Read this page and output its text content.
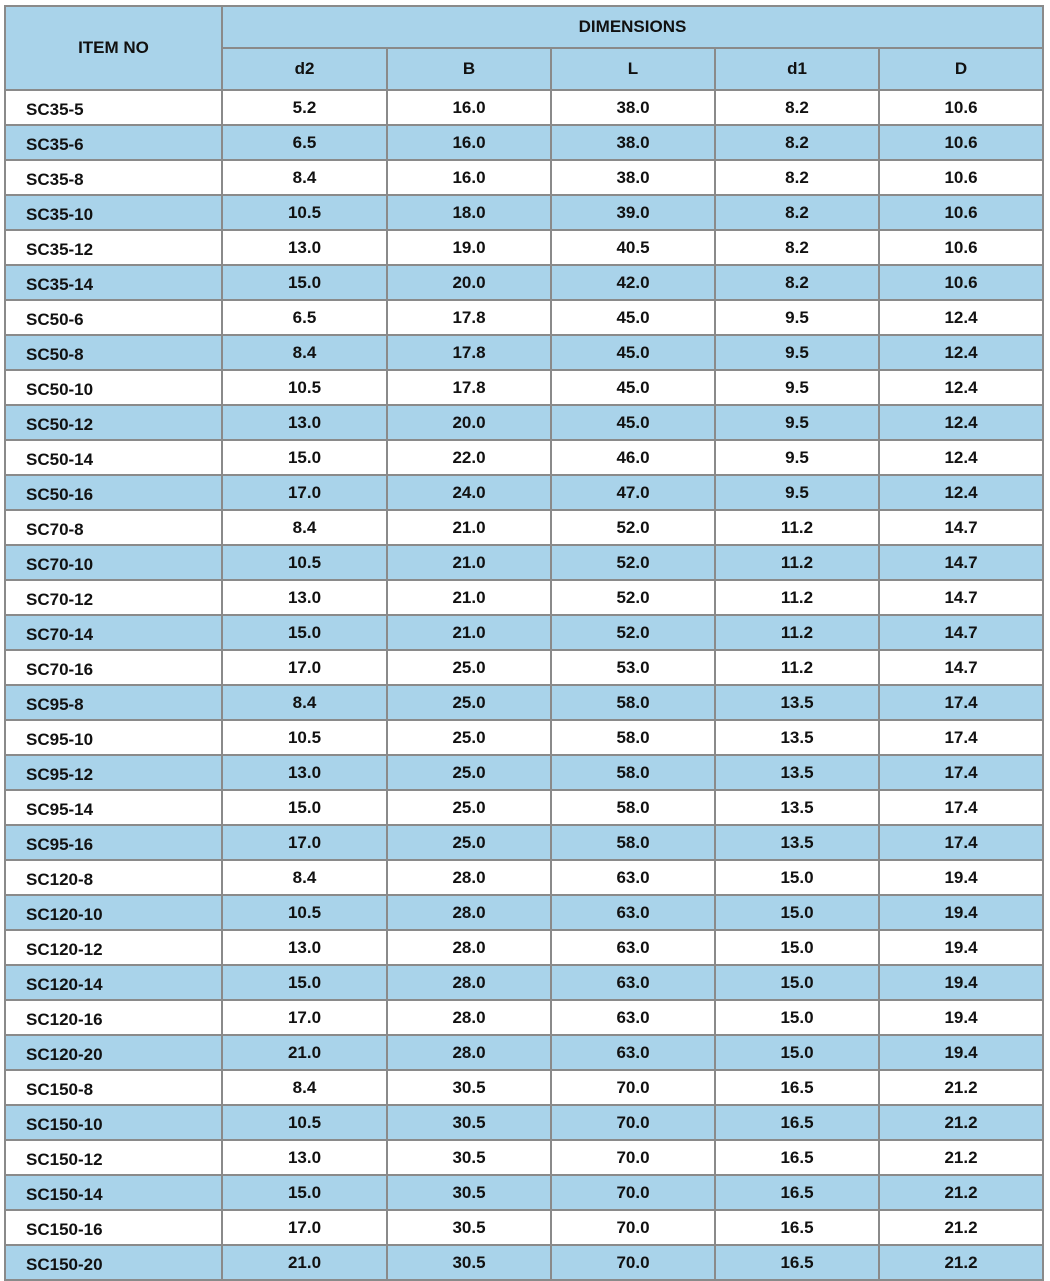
ITEM NO	DIMENSIONS				
	d2	B	L	d1	D
SC35-5	5.2	16.0	38.0	8.2	10.6
SC35-6	6.5	16.0	38.0	8.2	10.6
SC35-8	8.4	16.0	38.0	8.2	10.6
SC35-10	10.5	18.0	39.0	8.2	10.6
SC35-12	13.0	19.0	40.5	8.2	10.6
SC35-14	15.0	20.0	42.0	8.2	10.6
SC50-6	6.5	17.8	45.0	9.5	12.4
SC50-8	8.4	17.8	45.0	9.5	12.4
SC50-10	10.5	17.8	45.0	9.5	12.4
SC50-12	13.0	20.0	45.0	9.5	12.4
SC50-14	15.0	22.0	46.0	9.5	12.4
SC50-16	17.0	24.0	47.0	9.5	12.4
SC70-8	8.4	21.0	52.0	11.2	14.7
SC70-10	10.5	21.0	52.0	11.2	14.7
SC70-12	13.0	21.0	52.0	11.2	14.7
SC70-14	15.0	21.0	52.0	11.2	14.7
SC70-16	17.0	25.0	53.0	11.2	14.7
SC95-8	8.4	25.0	58.0	13.5	17.4
SC95-10	10.5	25.0	58.0	13.5	17.4
SC95-12	13.0	25.0	58.0	13.5	17.4
SC95-14	15.0	25.0	58.0	13.5	17.4
SC95-16	17.0	25.0	58.0	13.5	17.4
SC120-8	8.4	28.0	63.0	15.0	19.4
SC120-10	10.5	28.0	63.0	15.0	19.4
SC120-12	13.0	28.0	63.0	15.0	19.4
SC120-14	15.0	28.0	63.0	15.0	19.4
SC120-16	17.0	28.0	63.0	15.0	19.4
SC120-20	21.0	28.0	63.0	15.0	19.4
SC150-8	8.4	30.5	70.0	16.5	21.2
SC150-10	10.5	30.5	70.0	16.5	21.2
SC150-12	13.0	30.5	70.0	16.5	21.2
SC150-14	15.0	30.5	70.0	16.5	21.2
SC150-16	17.0	30.5	70.0	16.5	21.2
SC150-20	21.0	30.5	70.0	16.5	21.2
